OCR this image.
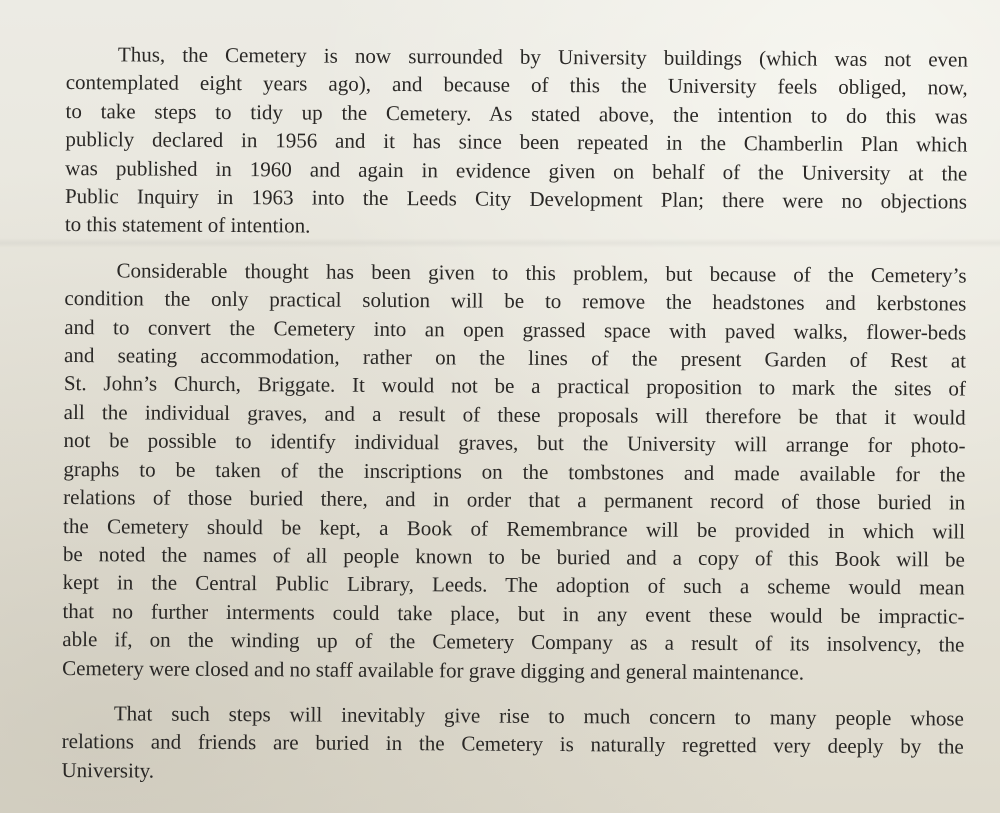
Thus, the Cemetery is now surrounded by University buildings (which was not even
contemplated eight years ago), and because of this the University feels obliged, now,
to take steps to tidy up the Cemetery. As stated above, the intention to do this was
publicly declared in 1956 and it has since been repeated in the Chamberlin Plan which
was published in 1960 and again in evidence given on behalf of the University at the
Public Inquiry in 1963 into the Leeds City Development Plan; there were no objections
to this statement of intention.
Considerable thought has been given to this problem, but because of the Cemetery’s
condition the only practical solution will be to remove the headstones and kerbstones
and to convert the Cemetery into an open grassed space with paved walks, flower-beds
and seating accommodation, rather on the lines of the present Garden of Rest at
St. John’s Church, Briggate. It would not be a practical proposition to mark the sites of
all the individual graves, and a result of these proposals will therefore be that it would
not be possible to identify individual graves, but the University will arrange for photo-
graphs to be taken of the inscriptions on the tombstones and made available for the
relations of those buried there, and in order that a permanent record of those buried in
the Cemetery should be kept, a Book of Remembrance will be provided in which will
be noted the names of all people known to be buried and a copy of this Book will be
kept in the Central Public Library, Leeds. The adoption of such a scheme would mean
that no further interments could take place, but in any event these would be impractic-
able if, on the winding up of the Cemetery Company as a result of its insolvency, the
Cemetery were closed and no staff available for grave digging and general maintenance.
That such steps will inevitably give rise to much concern to many people whose
relations and friends are buried in the Cemetery is naturally regretted very deeply by the
University.
